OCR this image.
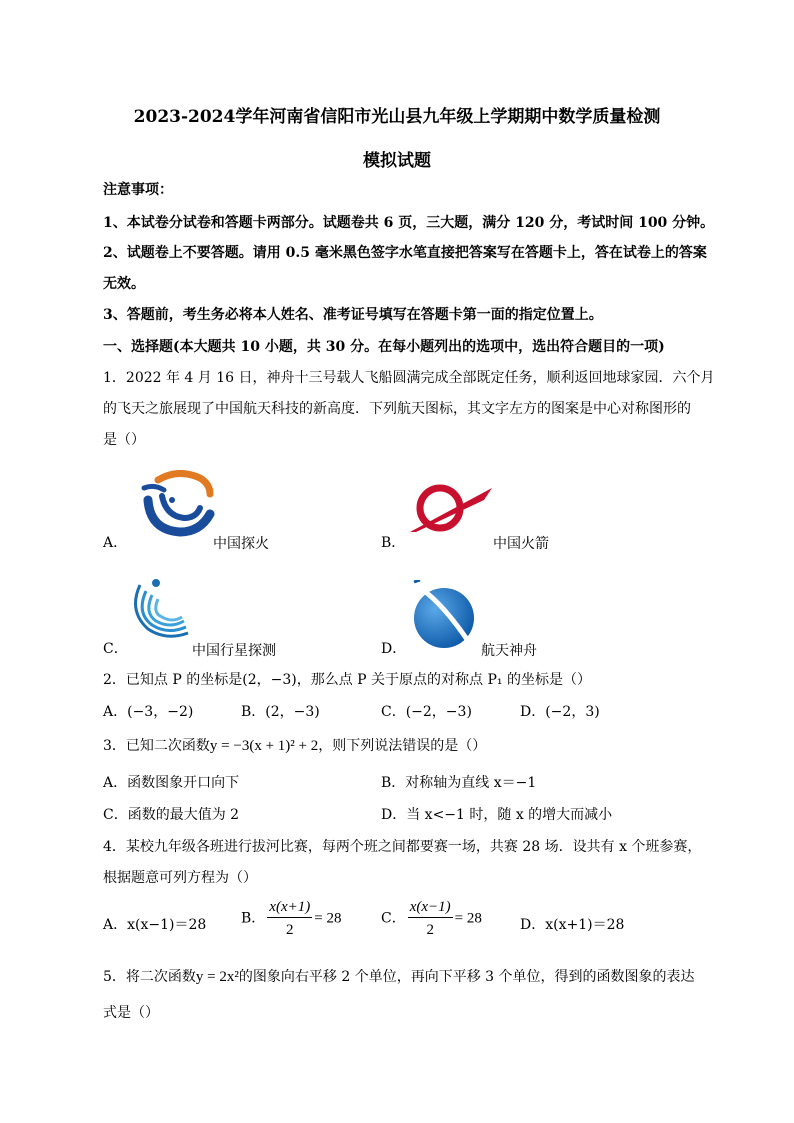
2023-2024学年河南省信阳市光山县九年级上学期期中数学质量检测
模拟试题
注意事项：
1、本试卷分试卷和答题卡两部分。试题卷共 6 页，三大题，满分 120 分，考试时间 100 分钟。
2、试题卷上不要答题。请用 0.5 毫米黑色签字水笔直接把答案写在答题卡上，答在试卷上的答案
无效。
3、答题前，考生务必将本人姓名、准考证号填写在答题卡第一面的指定位置上。
一、选择题(本大题共 10 小题，共 30 分。在每小题列出的选项中，选出符合题目的一项)
1．2022 年 4 月 16 日，神舟十三号载人飞船圆满完成全部既定任务，顺利返回地球家园．六个月
的飞天之旅展现了中国航天科技的新高度．下列航天图标，其文字左方的图案是中心对称图形的
是（）
A．	中国探火	B．	中国火箭
C．	中国行星探测	D．	航天神舟
2．已知点 P 的坐标是(2，−3)，那么点 P 关于原点的对称点 P₁ 的坐标是（）
A．(−3，−2)	B．(2，−3)	C．(−2，−3)	D．(−2，3)
3．已知二次函数y = −3(x + 1)² + 2，则下列说法错误的是（）
A．函数图象开口向下	B．对称轴为直线 x＝−1
C．函数的最大值为 2	D．当 x<−1 时，随 x 的增大而减小
4．某校九年级各班进行拔河比赛，每两个班之间都要赛一场，共赛 28 场．设共有 x 个班参赛，
根据题意可列方程为（）
A．x(x−1)＝28 B． $\frac{x(x+1)}{2} = 28$	C． $\frac{x(x-1)}{2} = 28$	D．x(x+1)＝28
5．将二次函数y = 2x²的图象向右平移 2 个单位，再向下平移 3 个单位，得到的函数图象的表达
式是（）
